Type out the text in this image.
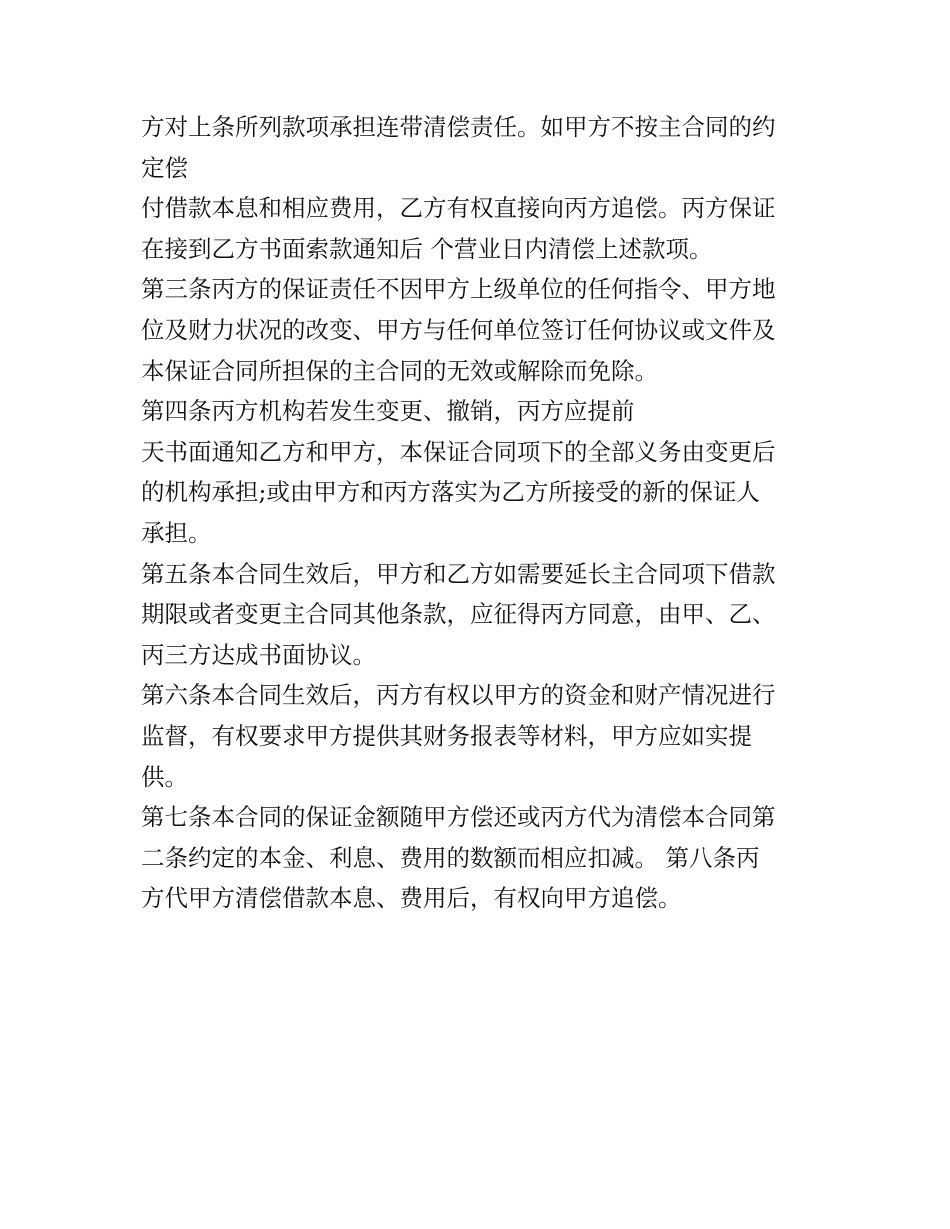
方对上条所列款项承担连带清偿责任。如甲方不按主合同的约
定偿
付借款本息和相应费用，乙方有权直接向丙方追偿。丙方保证
在接到乙方书面索款通知后 个营业日内清偿上述款项。
第三条丙方的保证责任不因甲方上级单位的任何指令、甲方地
位及财力状况的改变、甲方与任何单位签订任何协议或文件及
本保证合同所担保的主合同的无效或解除而免除。
第四条丙方机构若发生变更、撤销，丙方应提前
天书面通知乙方和甲方，本保证合同项下的全部义务由变更后
的机构承担;或由甲方和丙方落实为乙方所接受的新的保证人
承担。
第五条本合同生效后，甲方和乙方如需要延长主合同项下借款
期限或者变更主合同其他条款，应征得丙方同意，由甲、乙、
丙三方达成书面协议。
第六条本合同生效后，丙方有权以甲方的资金和财产情况进行
监督，有权要求甲方提供其财务报表等材料，甲方应如实提
供。
第七条本合同的保证金额随甲方偿还或丙方代为清偿本合同第
二条约定的本金、利息、费用的数额而相应扣减。 第八条丙
方代甲方清偿借款本息、费用后，有权向甲方追偿。
